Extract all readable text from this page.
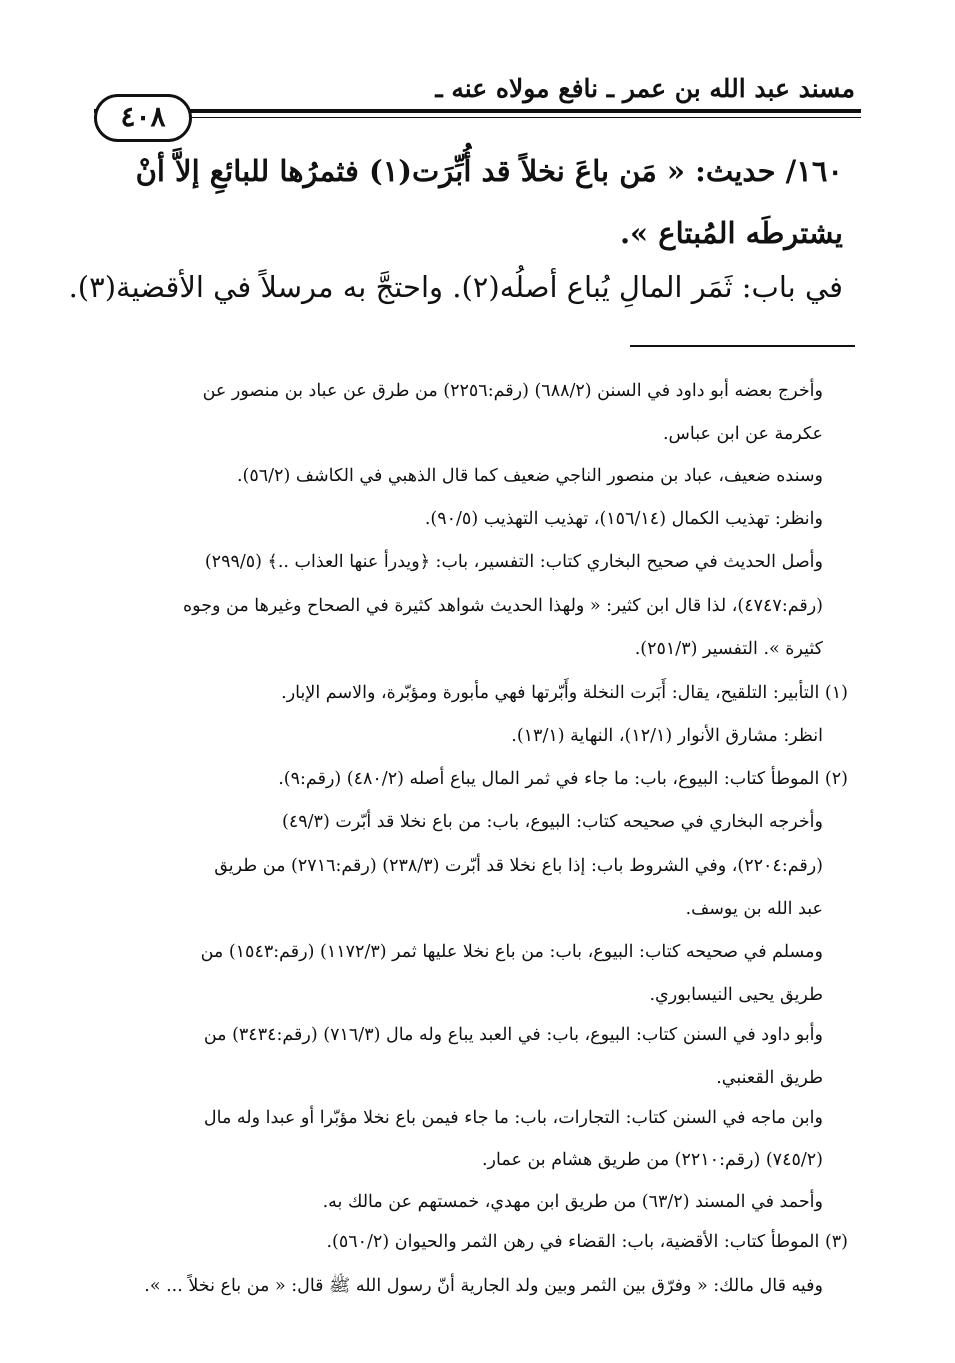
مسند عبد الله بن عمر ـ نافع مولاه عنه ـ
٤٠٨
١٦٠/ حديث: « مَن باعَ نخلاً قد أُبِّرَت(١) فثمرُها للبائعِ إلاَّ أنْ
يشترطَه المُبتاع ».
في باب: ثَمَر المالِ يُباع أصلُه(٢). واحتجَّ به مرسلاً في الأقضية(٣).
وأخرج بعضه أبو داود في السنن (٦٨٨/٢) (رقم:٢٢٥٦) من طرق عن عباد بن منصور عن
عكرمة عن ابن عباس.
وسنده ضعيف، عباد بن منصور الناجي ضعيف كما قال الذهبي في الكاشف (٥٦/٢).
وانظر: تهذيب الكمال (١٥٦/١٤)، تهذيب التهذيب (٩٠/٥).
وأصل الحديث في صحيح البخاري كتاب: التفسير، باب: ﴿ويدرأ عنها العذاب ..﴾ (٢٩٩/٥)
(رقم:٤٧٤٧)، لذا قال ابن كثير: « ولهذا الحديث شواهد كثيرة في الصحاح وغيرها من وجوه
كثيرة ». التفسير (٢٥١/٣).
(١) التأبير: التلقيح، يقال: أَبَرت النخلة وأَبّرتها فهي مأبورة ومؤبّرة، والاسم الإبار.
انظر: مشارق الأنوار (١٢/١)، النهاية (١٣/١).
(٢) الموطأ كتاب: البيوع، باب: ما جاء في ثمر المال يباع أصله (٤٨٠/٢) (رقم:٩).
وأخرجه البخاري في صحيحه كتاب: البيوع، باب: من باع نخلا قد أبّرت (٤٩/٣)
(رقم:٢٢٠٤)، وفي الشروط باب: إذا باع نخلا قد أبّرت (٢٣٨/٣) (رقم:٢٧١٦) من طريق
عبد الله بن يوسف.
ومسلم في صحيحه كتاب: البيوع، باب: من باع نخلا عليها ثمر (١١٧٢/٣) (رقم:١٥٤٣) من
طريق يحيى النيسابوري.
وأبو داود في السنن كتاب: البيوع، باب: في العبد يباع وله مال (٧١٦/٣) (رقم:٣٤٣٤) من
طريق القعنبي.
وابن ماجه في السنن كتاب: التجارات، باب: ما جاء فيمن باع نخلا مؤبّرا أو عبدا وله مال
(٧٤٥/٢) (رقم:٢٢١٠) من طريق هشام بن عمار.
وأحمد في المسند (٦٣/٢) من طريق ابن مهدي، خمستهم عن مالك به.
(٣) الموطأ كتاب: الأقضية، باب: القضاء في رهن الثمر والحيوان (٥٦٠/٢).
وفيه قال مالك: « وفرّق بين الثمر وبين ولد الجارية أنّ رسول الله ﷺ قال: « من باع نخلاً ... ».
